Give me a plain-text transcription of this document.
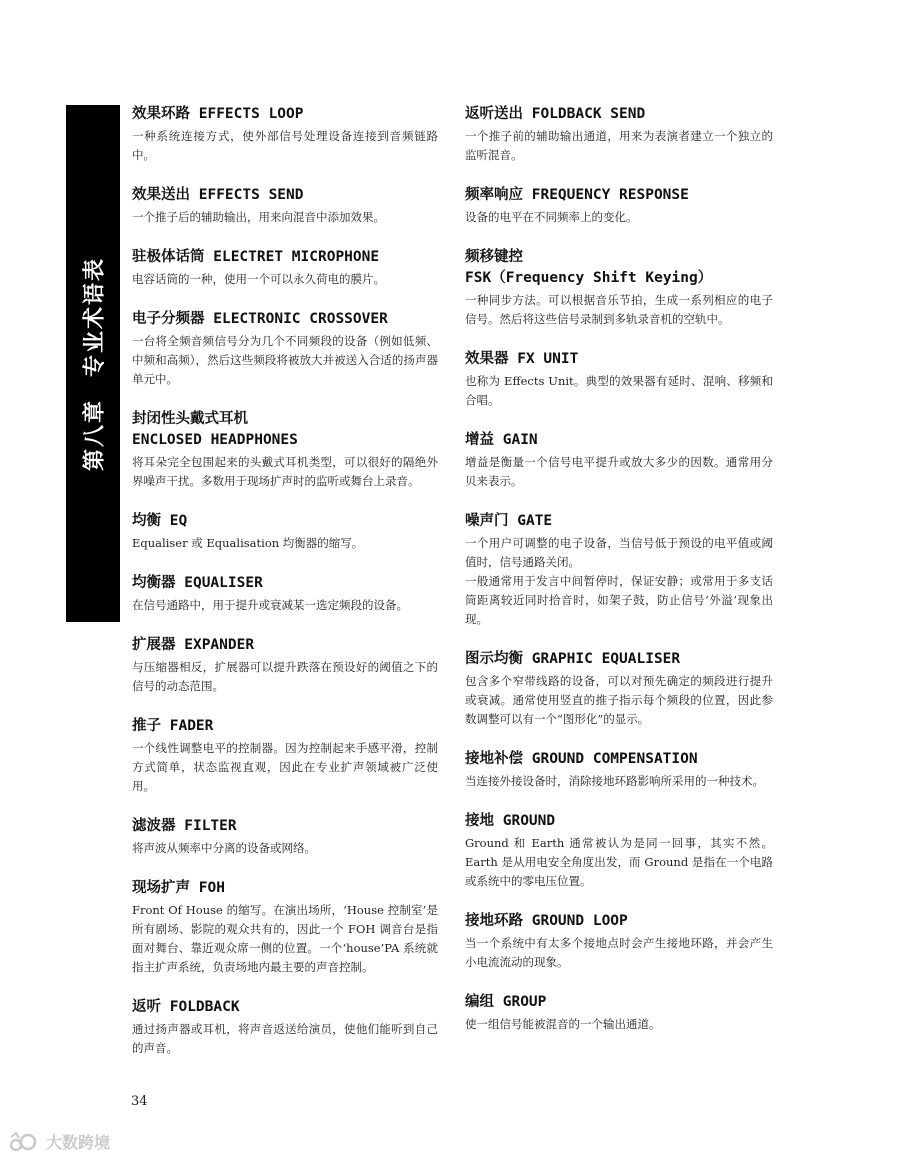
第八章专业术语表
效果环路 EFFECTS LOOP

一种系统连接方式，使外部信号处理设备连接到音频链路中。

效果送出 EFFECTS SEND

一个推子后的辅助输出，用来向混音中添加效果。

驻极体话筒 ELECTRET MICROPHONE

电容话筒的一种，使用一个可以永久荷电的膜片。

电子分频器 ELECTRONIC CROSSOVER

一台将全频音频信号分为几个不同频段的设备（例如低频、中频和高频），然后这些频段将被放大并被送入合适的扬声器单元中。

封闭性头戴式耳机
ENCLOSED HEADPHONES

将耳朵完全包围起来的头戴式耳机类型，可以很好的隔绝外界噪声干扰。多数用于现场扩声时的监听或舞台上录音。

均衡 EQ

Equaliser 或 Equalisation 均衡器的缩写。

均衡器 EQUALISER

在信号通路中，用于提升或衰减某一选定频段的设备。

扩展器 EXPANDER

与压缩器相反，扩展器可以提升跌落在预设好的阈值之下的信号的动态范围。

推子 FADER

一个线性调整电平的控制器。因为控制起来手感平滑，控制方式简单，状态监视直观，因此在专业扩声领域被广泛使用。

滤波器 FILTER

将声波从频率中分离的设备或网络。

现场扩声 FOH

Front Of House 的缩写。在演出场所，‘House 控制室’是所有剧场、影院的观众共有的，因此一个 FOH 调音台是指面对舞台、靠近观众席一侧的位置。一个‘house’PA 系统就指主扩声系统，负责场地内最主要的声音控制。

返听 FOLDBACK

通过扬声器或耳机，将声音返送给演员，使他们能听到自己的声音。

返听送出 FOLDBACK SEND

一个推子前的辅助输出通道，用来为表演者建立一个独立的监听混音。

频率响应 FREQUENCY RESPONSE

设备的电平在不同频率上的变化。

频移键控
FSK（Frequency Shift Keying）

一种同步方法。可以根据音乐节拍，生成一系列相应的电子信号。然后将这些信号录制到多轨录音机的空轨中。

效果器 FX UNIT

也称为 Effects Unit。典型的效果器有延时、混响、移频和合唱。

增益 GAIN

增益是衡量一个信号电平提升或放大多少的因数。通常用分贝来表示。

噪声门 GATE

一个用户可调整的电子设备，当信号低于预设的电平值或阈值时，信号通路关闭。

一般通常用于发言中间暂停时，保证安静；或常用于多支话筒距离较近同时拾音时，如架子鼓，防止信号‘外溢’现象出现。

图示均衡 GRAPHIC EQUALISER

包含多个窄带线路的设备，可以对预先确定的频段进行提升或衰减。通常使用竖直的推子指示每个频段的位置，因此参数调整可以有一个“图形化”的显示。

接地补偿 GROUND COMPENSATION

当连接外接设备时，消除接地环路影响所采用的一种技术。

接地 GROUND

Ground 和 Earth 通常被认为是同一回事，其实不然。Earth 是从用电安全角度出发，而 Ground 是指在一个电路或系统中的零电压位置。

接地环路 GROUND LOOP

当一个系统中有太多个接地点时会产生接地环路，并会产生小电流流动的现象。

编组 GROUP

使一组信号能被混音的一个输出通道。

34
大数跨境
